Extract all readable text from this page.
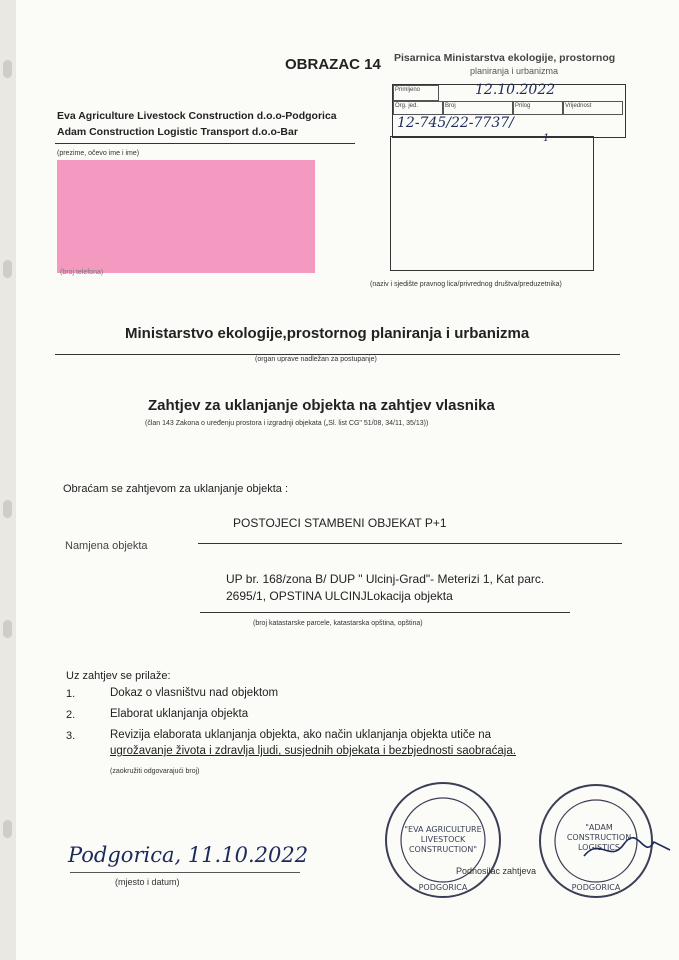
OBRAZAC 14 Pisarnica Ministarstva ekologije, prostornog
planiranja i urbanizma
Primljeno	12.10.2022
Org. jed.	Broj	Prilog	Vrijednost
12-745/22-7737/
1
(naziv i sjedište pravnog lica/privrednog društva/preduzetnika)
Eva Agriculture Livestock Construction d.o.o-Podgorica
Adam Construction Logistic Transport d.o.o-Bar
(prezime, očevo ime i ime)
(broj telefona)
Ministarstvo ekologije,prostornog planiranja i urbanizma
(organ uprave nadležan za postupanje)
Zahtjev za uklanjanje objekta na zahtjev vlasnika
(član 143 Zakona o uređenju prostora i izgradnji objekata („Sl. list CG" 51/08, 34/11, 35/13))
Obraćam se zahtjevom za uklanjanje objekta :
POSTOJECI STAMBENI OBJEKAT P+1
Namjena objekta
UP br. 168/zona B/ DUP " Ulcinj-Grad"- Meterizi 1, Kat parc.
2695/1, OPSTINA ULCINJLokacija objekta
(broj katastarske parcele, katastarska opština, opština)
Uz zahtjev se prilaže:
1.	Dokaz o vlasništvu nad objektom
2.	Elaborat uklanjanja objekta
3.	Revizija elaborata uklanjanja objekta, ako način uklanjanja objekta utiče na
ugrožavanje života i zdravlja ljudi, susjednih objekata i bezbjednosti saobraćaja.
(zaokružiti odgovarajući broj)
Podgorica, 11.10.2022
(mjesto i datum)
Podnosilac zahtjeva
"EVA AGRICULTURE
LIVESTOCK
CONSTRUCTION"
PODGORICA
"ADAM
CONSTRUCTION
LOGISTICS
PODGORICA
